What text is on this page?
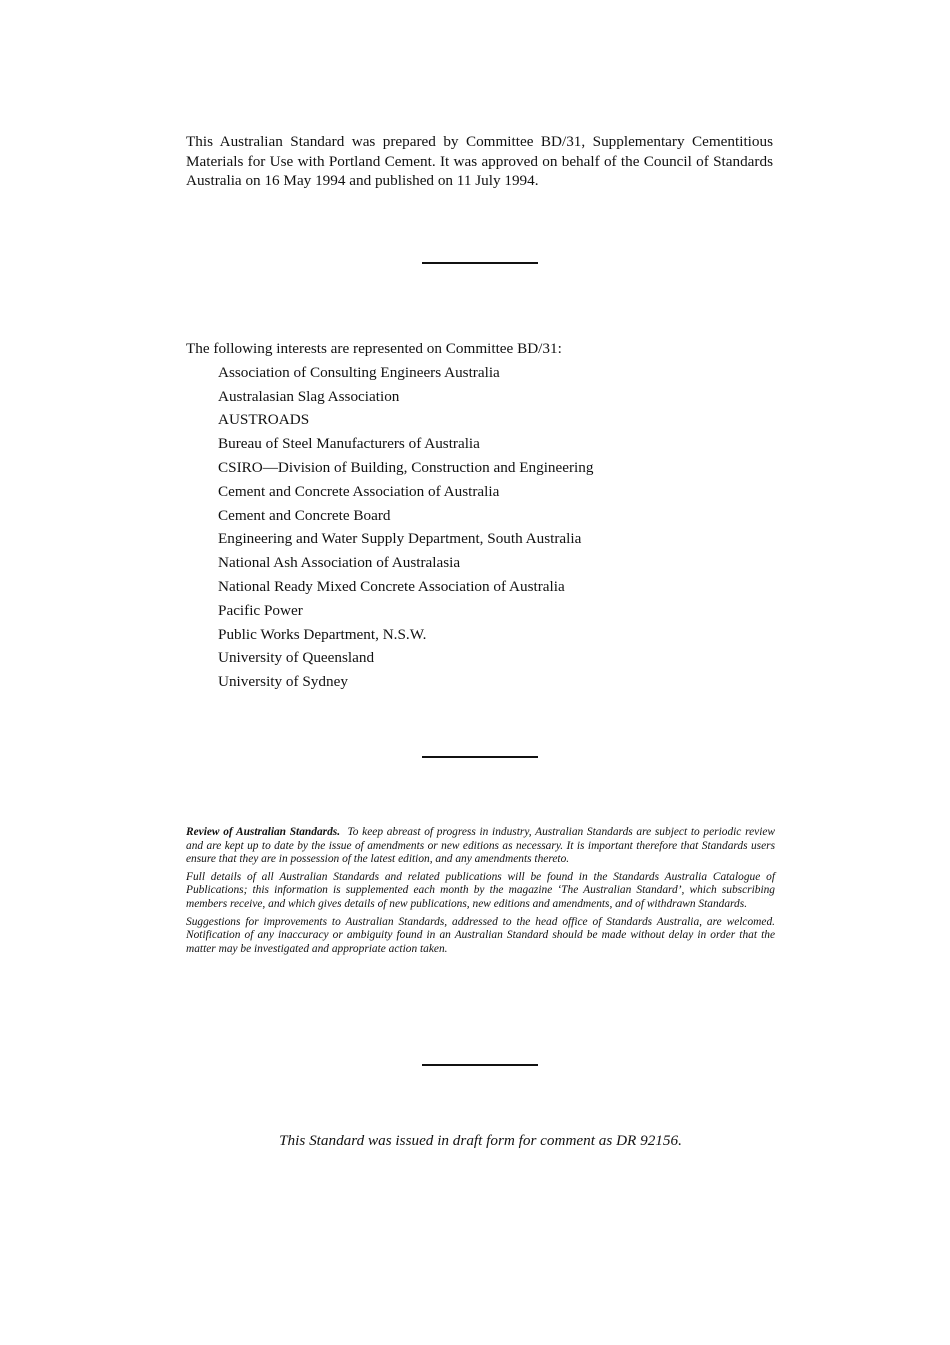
This Australian Standard was prepared by Committee BD/31, Supplementary Cementitious Materials for Use with Portland Cement. It was approved on behalf of the Council of Standards Australia on 16 May 1994 and published on 11 July 1994.

The following interests are represented on Committee BD/31:
Association of Consulting Engineers Australia
Australasian Slag Association
AUSTROADS
Bureau of Steel Manufacturers of Australia
CSIRO—Division of Building, Construction and Engineering
Cement and Concrete Association of Australia
Cement and Concrete Board
Engineering and Water Supply Department, South Australia
National Ash Association of Australasia
National Ready Mixed Concrete Association of Australia
Pacific Power
Public Works Department, N.S.W.
University of Queensland
University of Sydney

Review of Australian Standards. To keep abreast of progress in industry, Australian Standards are subject to periodic review and are kept up to date by the issue of amendments or new editions as necessary. It is important therefore that Standards users ensure that they are in possession of the latest edition, and any amendments thereto.

Full details of all Australian Standards and related publications will be found in the Standards Australia Catalogue of Publications; this information is supplemented each month by the magazine ‘The Australian Standard’, which subscribing members receive, and which gives details of new publications, new editions and amendments, and of withdrawn Standards.

Suggestions for improvements to Australian Standards, addressed to the head office of Standards Australia, are welcomed. Notification of any inaccuracy or ambiguity found in an Australian Standard should be made without delay in order that the matter may be investigated and appropriate action taken.

This Standard was issued in draft form for comment as DR 92156.
